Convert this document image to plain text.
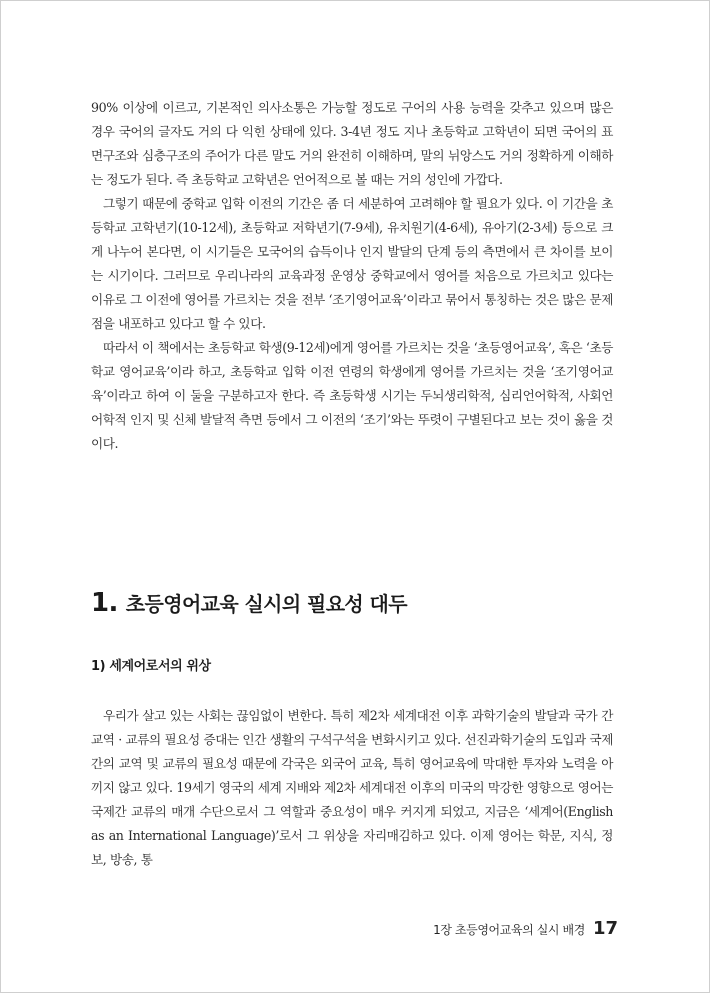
90% 이상에 이르고, 기본적인 의사소통은 가능할 정도로 구어의 사용 능력을 갖추고 있으며 많은 경우 국어의 글자도 거의 다 익힌 상태에 있다. 3-4년 정도 지나 초등학교 고학년이 되면 국어의 표면구조와 심층구조의 주어가 다른 말도 거의 완전히 이해하며, 말의 뉘앙스도 거의 정확하게 이해하는 정도가 된다. 즉 초등학교 고학년은 언어적으로 볼 때는 거의 성인에 가깝다.

그렇기 때문에 중학교 입학 이전의 기간은 좀 더 세분하여 고려해야 할 필요가 있다. 이 기간을 초등학교 고학년기(10-12세), 초등학교 저학년기(7-9세), 유치원기(4-6세), 유아기(2-3세) 등으로 크게 나누어 본다면, 이 시기들은 모국어의 습득이나 인지 발달의 단계 등의 측면에서 큰 차이를 보이는 시기이다. 그러므로 우리나라의 교육과정 운영상 중학교에서 영어를 처음으로 가르치고 있다는 이유로 그 이전에 영어를 가르치는 것을 전부 ‘조기영어교육’이라고 묶어서 통칭하는 것은 많은 문제점을 내포하고 있다고 할 수 있다.

따라서 이 책에서는 초등학교 학생(9-12세)에게 영어를 가르치는 것을 ‘초등영어교육’, 혹은 ‘초등학교 영어교육’이라 하고, 초등학교 입학 이전 연령의 학생에게 영어를 가르치는 것을 ‘조기영어교육’이라고 하여 이 둘을 구분하고자 한다. 즉 초등학생 시기는 두뇌생리학적, 심리언어학적, 사회언어학적 인지 및 신체 발달적 측면 등에서 그 이전의 ‘조기’와는 뚜렷이 구별된다고 보는 것이 옳을 것이다.

1. 초등영어교육 실시의 필요성 대두
1) 세계어로서의 위상

우리가 살고 있는 사회는 끊임없이 변한다. 특히 제2차 세계대전 이후 과학기술의 발달과 국가 간 교역 · 교류의 필요성 증대는 인간 생활의 구석구석을 변화시키고 있다. 선진과학기술의 도입과 국제간의 교역 및 교류의 필요성 때문에 각국은 외국어 교육, 특히 영어교육에 막대한 투자와 노력을 아끼지 않고 있다. 19세기 영국의 세계 지배와 제2차 세계대전 이후의 미국의 막강한 영향으로 영어는 국제간 교류의 매개 수단으로서 그 역할과 중요성이 매우 커지게 되었고, 지금은 ‘세계어(English as an International Language)’로서 그 위상을 자리매김하고 있다. 이제 영어는 학문, 지식, 정보, 방송, 통

1장 초등영어교육의 실시 배경 17
